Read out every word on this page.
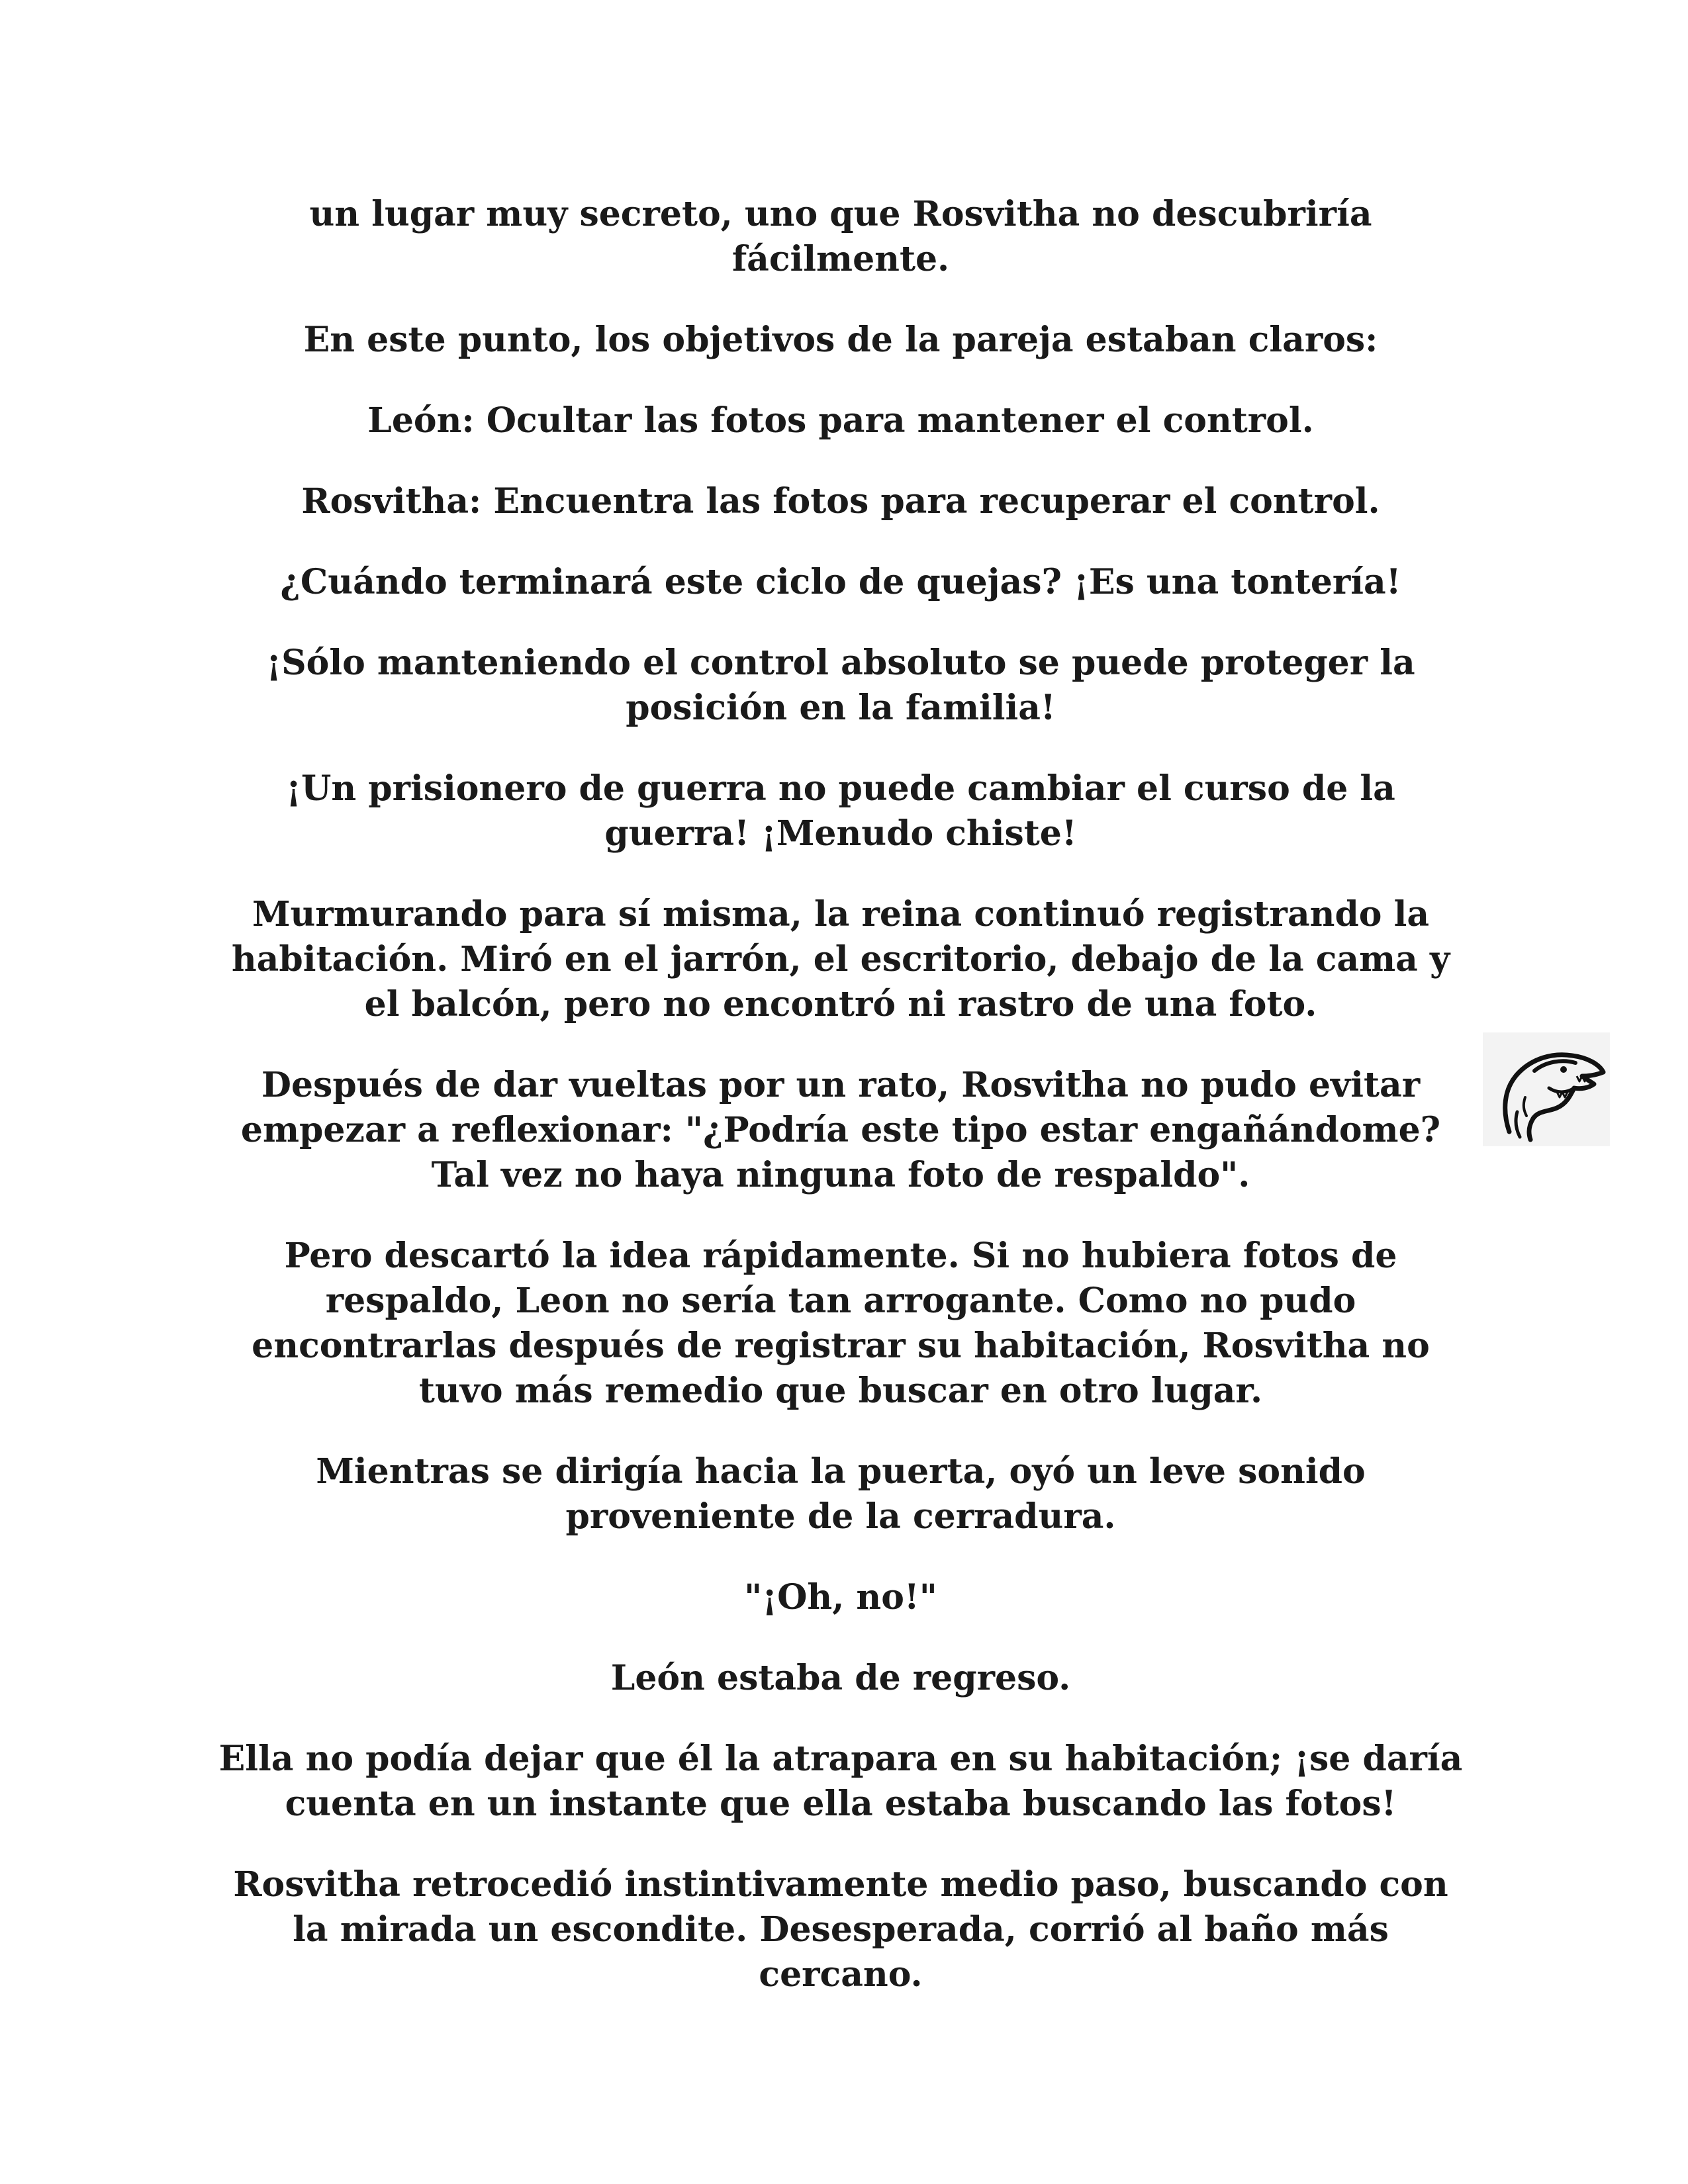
un lugar muy secreto, uno que Rosvitha no descubriría fácilmente.

En este punto, los objetivos de la pareja estaban claros:

León: Ocultar las fotos para mantener el control.

Rosvitha: Encuentra las fotos para recuperar el control.

¿Cuándo terminará este ciclo de quejas? ¡Es una tontería!

¡Sólo manteniendo el control absoluto se puede proteger la posición en la familia!

¡Un prisionero de guerra no puede cambiar el curso de la guerra! ¡Menudo chiste!

Murmurando para sí misma, la reina continuó registrando la habitación. Miró en el jarrón, el escritorio, debajo de la cama y el balcón, pero no encontró ni rastro de una foto.

Después de dar vueltas por un rato, Rosvitha no pudo evitar empezar a reflexionar: "¿Podría este tipo estar engañándome? Tal vez no haya ninguna foto de respaldo".

Pero descartó la idea rápidamente. Si no hubiera fotos de respaldo, Leon no sería tan arrogante. Como no pudo encontrarlas después de registrar su habitación, Rosvitha no tuvo más remedio que buscar en otro lugar.

Mientras se dirigía hacia la puerta, oyó un leve sonido proveniente de la cerradura.

"¡Oh, no!"

León estaba de regreso.

Ella no podía dejar que él la atrapara en su habitación; ¡se daría cuenta en un instante que ella estaba buscando las fotos!

Rosvitha retrocedió instintivamente medio paso, buscando con la mirada un escondite. Desesperada, corrió al baño más cercano.
